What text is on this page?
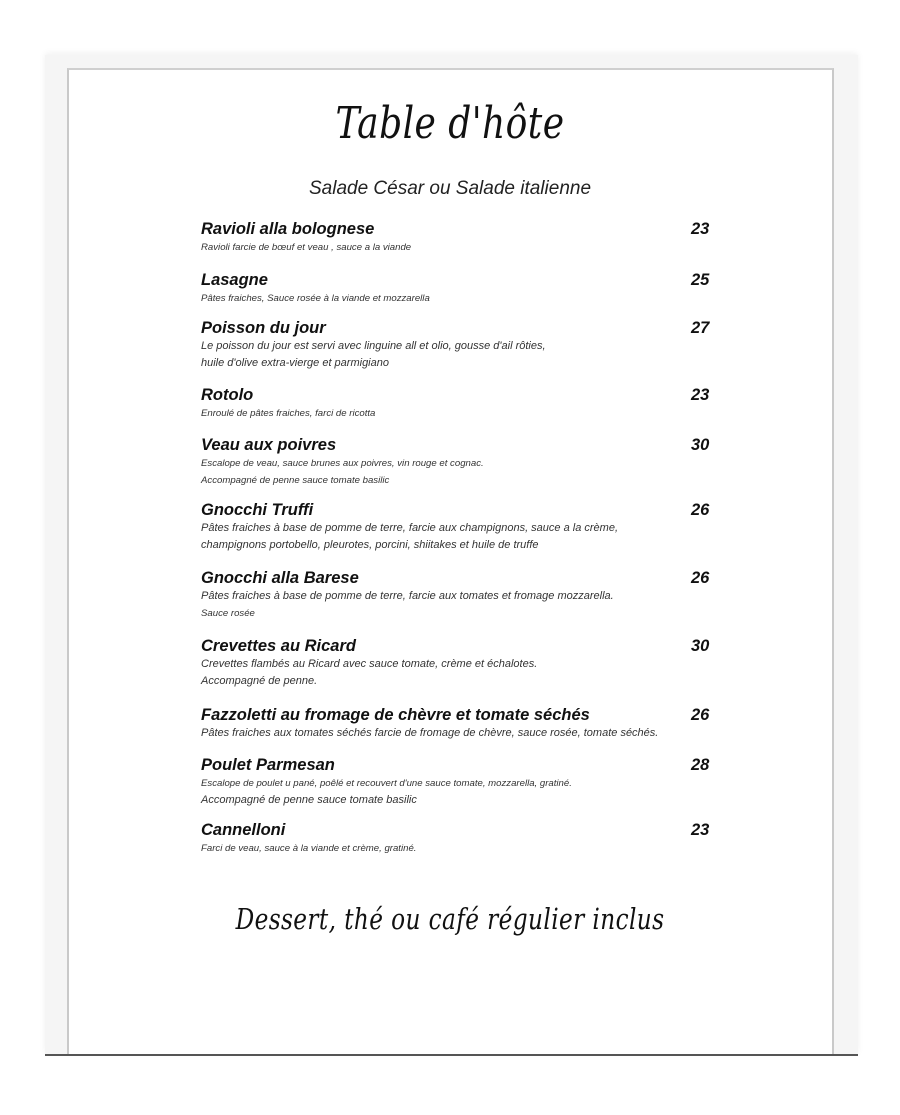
Table d'hôte
Salade César ou Salade italienne
Ravioli alla bolognese	23
Ravioli farcie de bœuf et veau , sauce a la viande
Lasagne	25
Pâtes fraiches, Sauce rosée à la viande et mozzarella
Poisson du jour	27
Le poisson du jour est servi avec linguine all et olio, gousse d'ail rôties,
huile d'olive extra-vierge et parmigiano
Rotolo	23
Enroulé de pâtes fraiches, farci de ricotta
Veau aux poivres	30
Escalope de veau, sauce brunes aux poivres, vin rouge et cognac.
Accompagné de penne sauce tomate basilic
Gnocchi Truffi	26
Pâtes fraiches à base de pomme de terre, farcie aux champignons, sauce a la crème,
champignons portobello, pleurotes, porcini, shiitakes et huile de truffe
Gnocchi alla Barese	26
Pâtes fraiches à base de pomme de terre, farcie aux tomates et fromage mozzarella.
Sauce rosée
Crevettes au Ricard	30
Crevettes flambés au Ricard avec sauce tomate, crème et échalotes.
Accompagné de penne.
Fazzoletti au fromage de chèvre et tomate séchés	26
Pâtes fraiches aux tomates séchés farcie de fromage de chèvre, sauce rosée, tomate séchés.
Poulet Parmesan	28
Escalope de poulet u pané, poêlé et recouvert d'une sauce tomate, mozzarella, gratiné.
Accompagné de penne sauce tomate basilic
Cannelloni	23
Farci de veau, sauce à la viande et crème, gratiné.
Dessert, thé ou café régulier inclus
